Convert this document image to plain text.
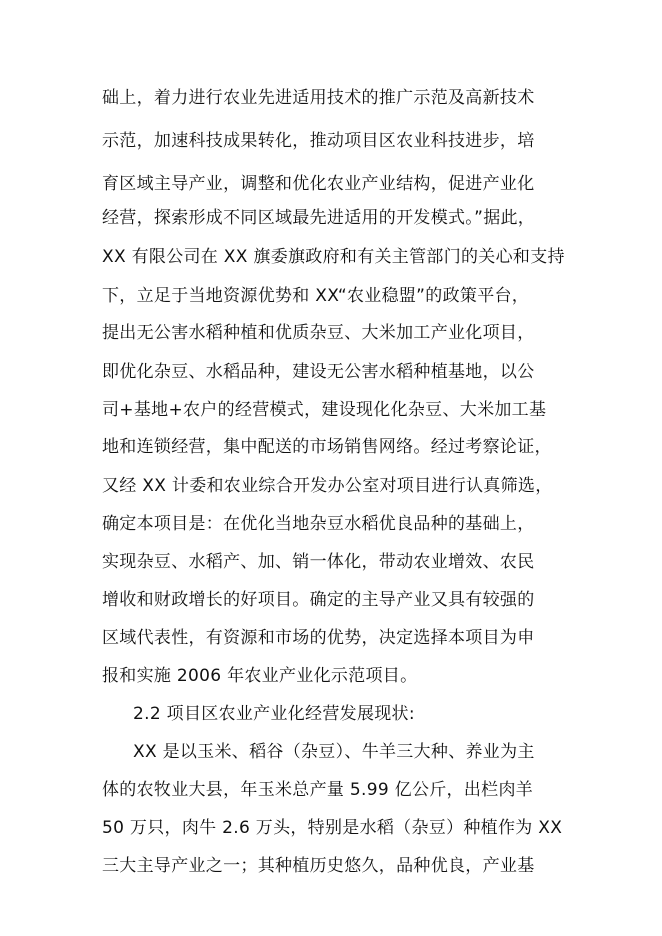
础上，着力进行农业先进适用技术的推广示范及高新技术
示范，加速科技成果转化，推动项目区农业科技进步，培
育区域主导产业，调整和优化农业产业结构，促进产业化
经营，探索形成不同区域最先进适用的开发模式。”据此，
XX 有限公司在 XX 旗委旗政府和有关主管部门的关心和支持
下，立足于当地资源优势和 XX“农业稳盟”的政策平台，
提出无公害水稻种植和优质杂豆、大米加工产业化项目，
即优化杂豆、水稻品种，建设无公害水稻种植基地，以公
司+基地+农户的经营模式，建设现化化杂豆、大米加工基
地和连锁经营，集中配送的市场销售网络。经过考察论证，
又经 XX 计委和农业综合开发办公室对项目进行认真筛选，
确定本项目是：在优化当地杂豆水稻优良品种的基础上，
实现杂豆、水稻产、加、销一体化，带动农业增效、农民
增收和财政增长的好项目。确定的主导产业又具有较强的
区域代表性，有资源和市场的优势，决定选择本项目为申
报和实施 2006 年农业产业化示范项目。
2.2 项目区农业产业化经营发展现状:
XX 是以玉米、稻谷（杂豆）、牛羊三大种、养业为主
体的农牧业大县，年玉米总产量 5.99 亿公斤，出栏肉羊
50 万只，肉牛 2.6 万头，特别是水稻（杂豆）种植作为 XX
三大主导产业之一；其种植历史悠久，品种优良，产业基
